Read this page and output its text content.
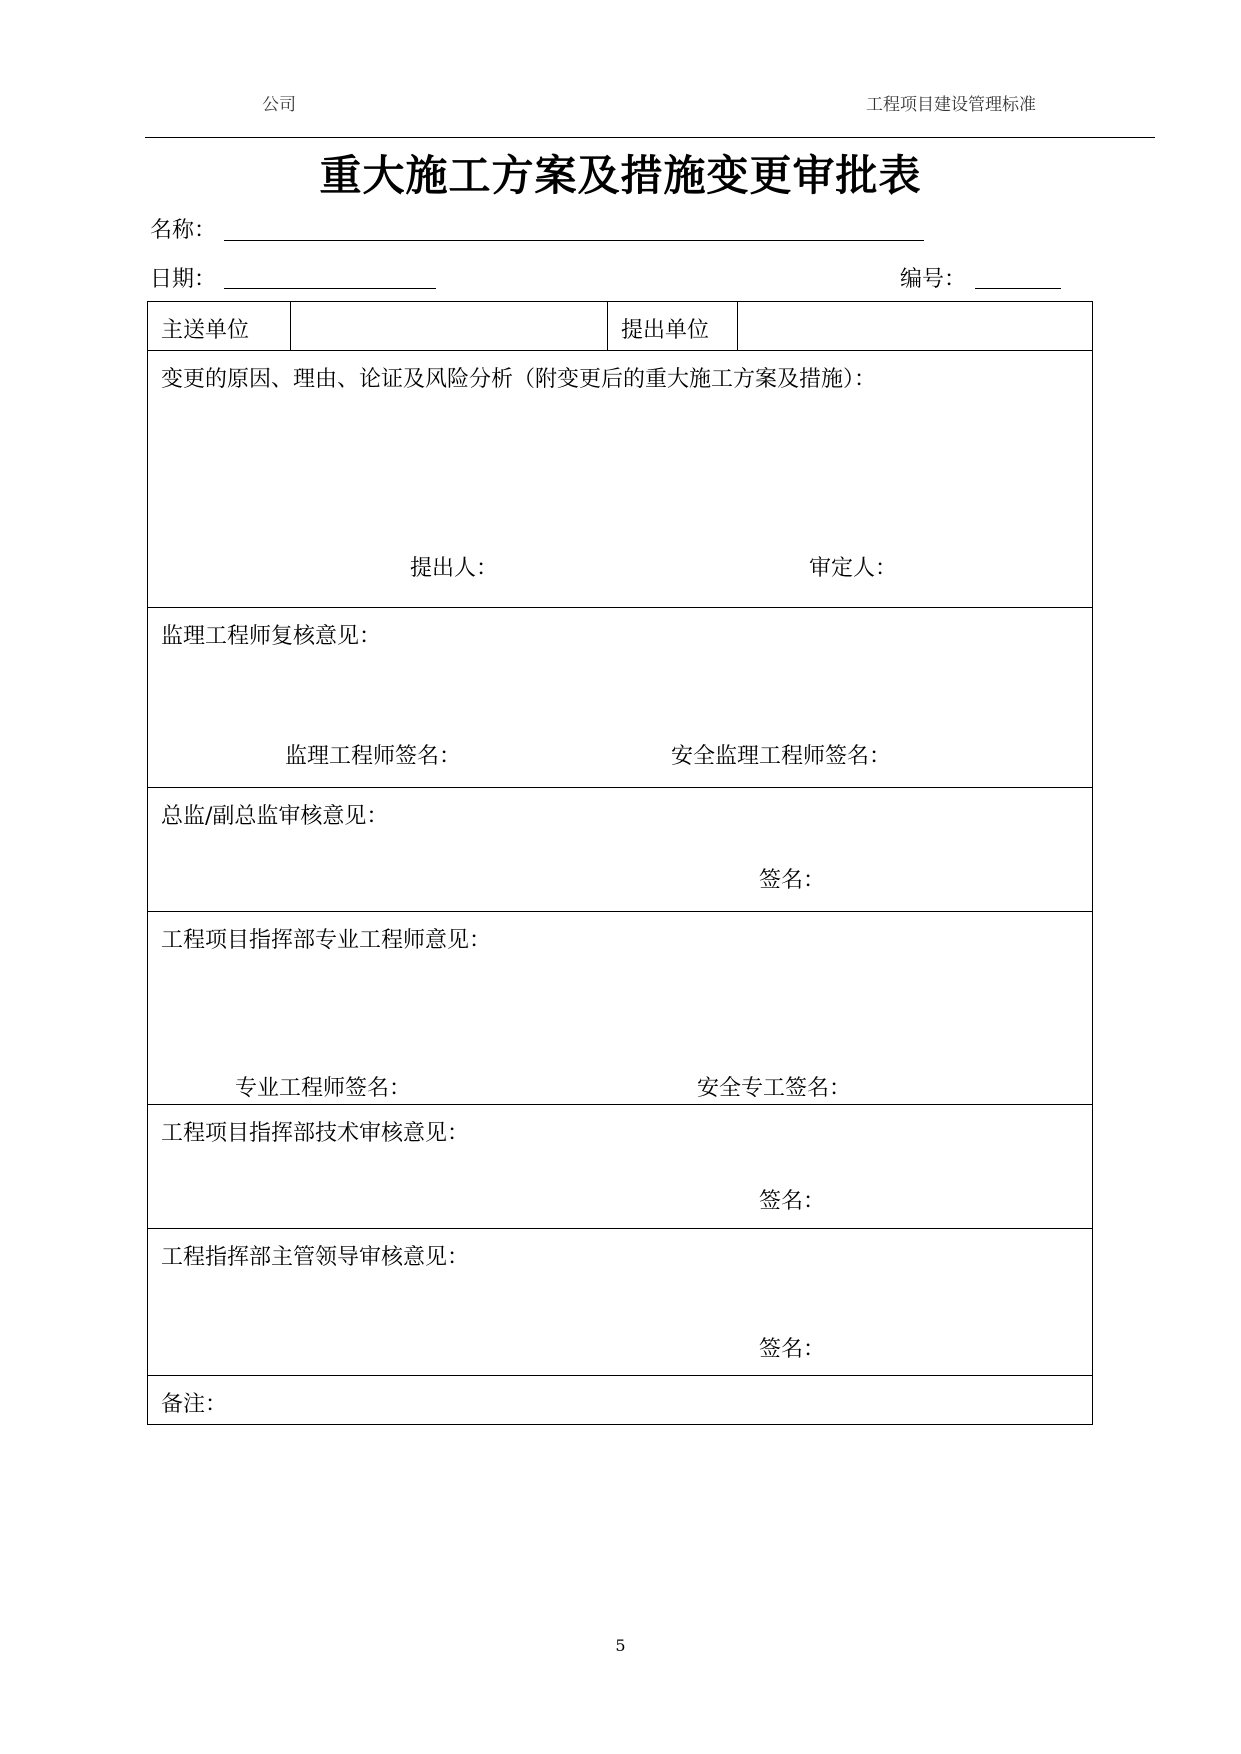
公司	工程项目建设管理标准
重大施工方案及措施变更审批表
名称：
日期：	编号：
主送单位		提出单位

变更的原因、理由、论证及风险分析（附变更后的重大施工方案及措施）：
提出人：	审定人：

监理工程师复核意见：
监理工程师签名：	安全监理工程师签名：

总监/副总监审核意见：
签名：

工程项目指挥部专业工程师意见：
专业工程师签名：	安全专工签名：

工程项目指挥部技术审核意见：
签名：

工程指挥部主管领导审核意见：
签名：

备注：
5
